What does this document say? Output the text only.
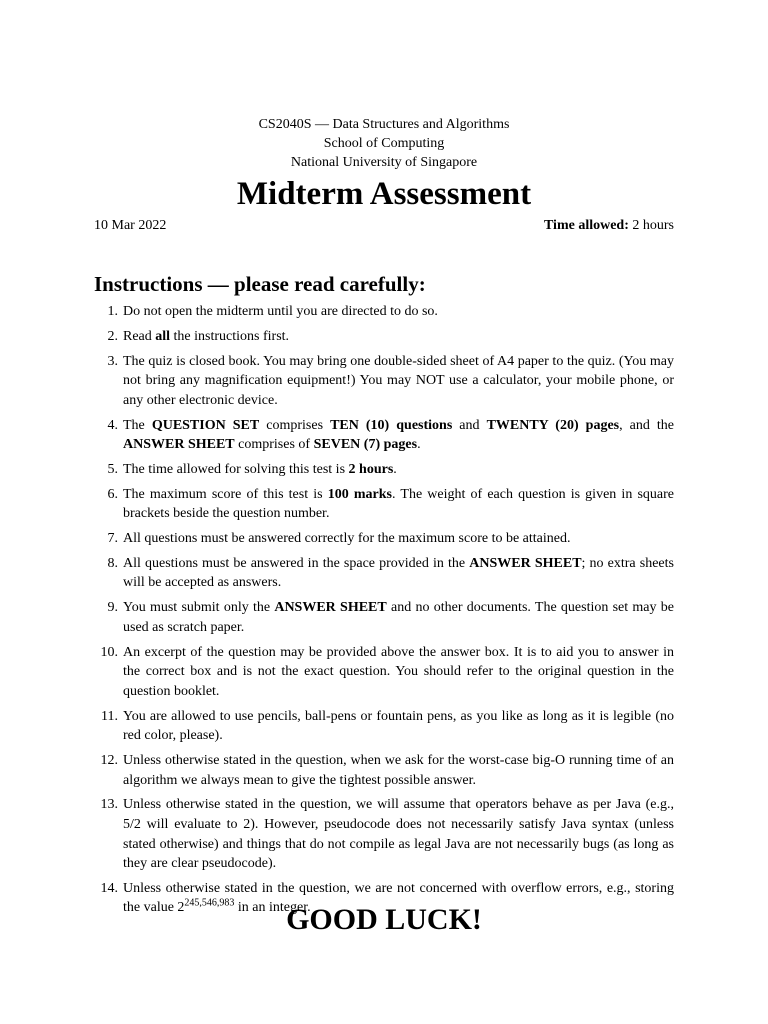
CS2040S — Data Structures and Algorithms
School of Computing
National University of Singapore
Midterm Assessment
10 Mar 2022	Time allowed: 2 hours
Instructions — please read carefully:
1. Do not open the midterm until you are directed to do so.
2. Read all the instructions first.
3. The quiz is closed book. You may bring one double-sided sheet of A4 paper to the quiz. (You may not bring any magnification equipment!) You may NOT use a calculator, your mobile phone, or any other electronic device.
4. The QUESTION SET comprises TEN (10) questions and TWENTY (20) pages, and the ANSWER SHEET comprises of SEVEN (7) pages.
5. The time allowed for solving this test is 2 hours.
6. The maximum score of this test is 100 marks. The weight of each question is given in square brackets beside the question number.
7. All questions must be answered correctly for the maximum score to be attained.
8. All questions must be answered in the space provided in the ANSWER SHEET; no extra sheets will be accepted as answers.
9. You must submit only the ANSWER SHEET and no other documents. The question set may be used as scratch paper.
10. An excerpt of the question may be provided above the answer box. It is to aid you to answer in the correct box and is not the exact question. You should refer to the original question in the question booklet.
11. You are allowed to use pencils, ball-pens or fountain pens, as you like as long as it is legible (no red color, please).
12. Unless otherwise stated in the question, when we ask for the worst-case big-O running time of an algorithm we always mean to give the tightest possible answer.
13. Unless otherwise stated in the question, we will assume that operators behave as per Java (e.g., 5/2 will evaluate to 2). However, pseudocode does not necessarily satisfy Java syntax (unless stated otherwise) and things that do not compile as legal Java are not necessarily bugs (as long as they are clear pseudocode).
14. Unless otherwise stated in the question, we are not concerned with overflow errors, e.g., storing the value 2$^{245,546,983}$ in an integer.
GOOD LUCK!
